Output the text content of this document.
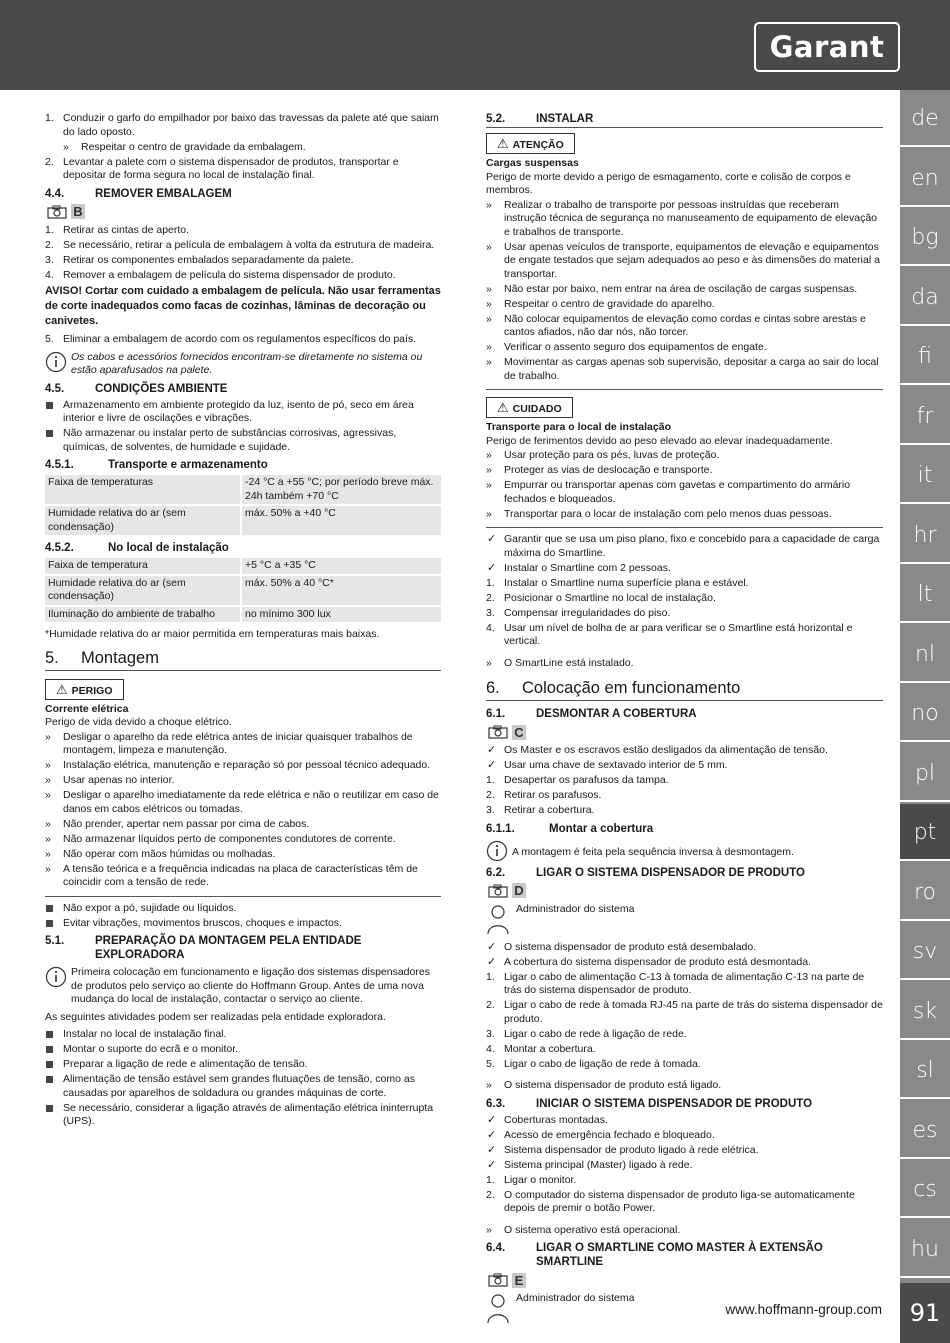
Garant
de
en
bg
da
fi
fr
it
hr
lt
nl
no
pl
pt
ro
sv
sk
sl
es
cs
hu
91
www.hoffmann-group.com
1. Conduzir o garfo do empilhador por baixo das travessas da palete até que saiam do lado oposto.
» Respeitar o centro de gravidade da embalagem.
2. Levantar a palete com o sistema dispensador de produtos, transportar e depositar de forma segura no local de instalação final.
4.4.	REMOVER EMBALAGEM
B
1. Retirar as cintas de aperto.
2. Se necessário, retirar a película de embalagem à volta da estrutura de madeira.
3. Retirar os componentes embalados separadamente da palete.
4. Remover a embalagem de película do sistema dispensador de produto.
AVISO! Cortar com cuidado a embalagem de película. Não usar ferramentas de corte inadequados como facas de cozinhas, lâminas de decoração ou canivetes.
5. Eliminar a embalagem de acordo com os regulamentos específicos do país.
Os cabos e acessórios fornecidos encontram-se diretamente no sistema ou estão aparafusados na palete.
4.5.	CONDIÇÕES AMBIENTE
Armazenamento em ambiente protegido da luz, isento de pó, seco em área interior e livre de oscilações e vibrações.
Não armazenar ou instalar perto de substâncias corrosivas, agressivas, químicas, de solventes, de humidade e sujidade.
4.5.1.	Transporte e armazenamento
Faixa de temperaturas	-24 °C a +55 °C; por período breve máx. 24h também +70 °C
Humidade relativa do ar (sem condensação)	máx. 50% a +40 °C
4.5.2.	No local de instalação
Faixa de temperatura	+5 °C a +35 °C
Humidade relativa do ar (sem condensação)	máx. 50% a 40 °C*
Iluminação do ambiente de trabalho	no mínimo 300 lux
*Humidade relativa do ar maior permitida em temperaturas mais baixas.
5. Montagem
⚠ PERIGO
Corrente elétrica
Perigo de vida devido a choque elétrico.
» Desligar o aparelho da rede elétrica antes de iniciar quaisquer trabalhos de montagem, limpeza e manutenção.
» Instalação elétrica, manutenção e reparação só por pessoal técnico adequado.
» Usar apenas no interior.
» Desligar o aparelho imediatamente da rede elétrica e não o reutilizar em caso de danos em cabos elétricos ou tomadas.
» Não prender, apertar nem passar por cima de cabos.
» Não armazenar líquidos perto de componentes condutores de corrente.
» Não operar com mãos húmidas ou molhadas.
» A tensão teórica e a frequência indicadas na placa de características têm de coincidir com a tensão de rede.
Não expor a pó, sujidade ou líquidos.
Evitar vibrações, movimentos bruscos, choques e impactos.
5.1.	PREPARAÇÃO DA MONTAGEM PELA ENTIDADE EXPLORADORA
Primeira colocação em funcionamento e ligação dos sistemas dispensadores de produtos pelo serviço ao cliente do Hoffmann Group. Antes de uma nova mudança do local de instalação, contactar o serviço ao cliente.
As seguintes atividades podem ser realizadas pela entidade exploradora.
Instalar no local de instalação final.
Montar o suporte do ecrã e o monitor.
Preparar a ligação de rede e alimentação de tensão.
Alimentação de tensão estável sem grandes flutuações de tensão, como as causadas por aparelhos de soldadura ou grandes máquinas de corte.
Se necessário, considerar a ligação através de alimentação elétrica ininterrupta (UPS).
5.2.	INSTALAR
⚠ ATENÇÃO
Cargas suspensas
Perigo de morte devido a perigo de esmagamento, corte e colisão de corpos e membros.
» Realizar o trabalho de transporte por pessoas instruídas que receberam instrução técnica de segurança no manuseamento de equipamento de elevação e trabalhos de transporte.
» Usar apenas veículos de transporte, equipamentos de elevação e equipamentos de engate testados que sejam adequados ao peso e às dimensões do material a transportar.
» Não estar por baixo, nem entrar na área de oscilação de cargas suspensas.
» Respeitar o centro de gravidade do aparelho.
» Não colocar equipamentos de elevação como cordas e cintas sobre arestas e cantos afiados, não dar nós, não torcer.
» Verificar o assento seguro dos equipamentos de engate.
» Movimentar as cargas apenas sob supervisão, depositar a carga ao sair do local de trabalho.
⚠ CUIDADO
Transporte para o local de instalação
Perigo de ferimentos devido ao peso elevado ao elevar inadequadamente.
» Usar proteção para os pés, luvas de proteção.
» Proteger as vias de deslocação e transporte.
» Empurrar ou transportar apenas com gavetas e compartimento do armário fechados e bloqueados.
» Transportar para o locar de instalação com pelo menos duas pessoas.
✓ Garantir que se usa um piso plano, fixo e concebido para a capacidade de carga máxima do Smartline.
✓ Instalar o Smartline com 2 pessoas.
1. Instalar o Smartline numa superfície plana e estável.
2. Posicionar o Smartline no local de instalação.
3. Compensar irregularidades do piso.
4. Usar um nível de bolha de ar para verificar se o Smartline está horizontal e vertical.
» O SmartLine está instalado.
6. Colocação em funcionamento
6.1.	DESMONTAR A COBERTURA
C
✓ Os Master e os escravos estão desligados da alimentação de tensão.
✓ Usar uma chave de sextavado interior de 5 mm.
1. Desapertar os parafusos da tampa.
2. Retirar os parafusos.
3. Retirar a cobertura.
6.1.1.	Montar a cobertura
A montagem é feita pela sequência inversa à desmontagem.
6.2.	LIGAR O SISTEMA DISPENSADOR DE PRODUTO
D
Administrador do sistema
✓ O sistema dispensador de produto está desembalado.
✓ A cobertura do sistema dispensador de produto está desmontada.
1. Ligar o cabo de alimentação C-13 à tomada de alimentação C-13 na parte de trás do sistema dispensador de produto.
2. Ligar o cabo de rede à tomada RJ-45 na parte de trás do sistema dispensador de produto.
3. Ligar o cabo de rede à ligação de rede.
4. Montar a cobertura.
5. Ligar o cabo de ligação de rede à tomada.
» O sistema dispensador de produto está ligado.
6.3.	INICIAR O SISTEMA DISPENSADOR DE PRODUTO
✓ Coberturas montadas.
✓ Acesso de emergência fechado e bloqueado.
✓ Sistema dispensador de produto ligado à rede elétrica.
✓ Sistema principal (Master) ligado à rede.
1. Ligar o monitor.
2. O computador do sistema dispensador de produto liga-se automaticamente depois de premir o botão Power.
» O sistema operativo está operacional.
6.4.	LIGAR O SMARTLINE COMO MASTER À EXTENSÃO SMARTLINE
E
Administrador do sistema
